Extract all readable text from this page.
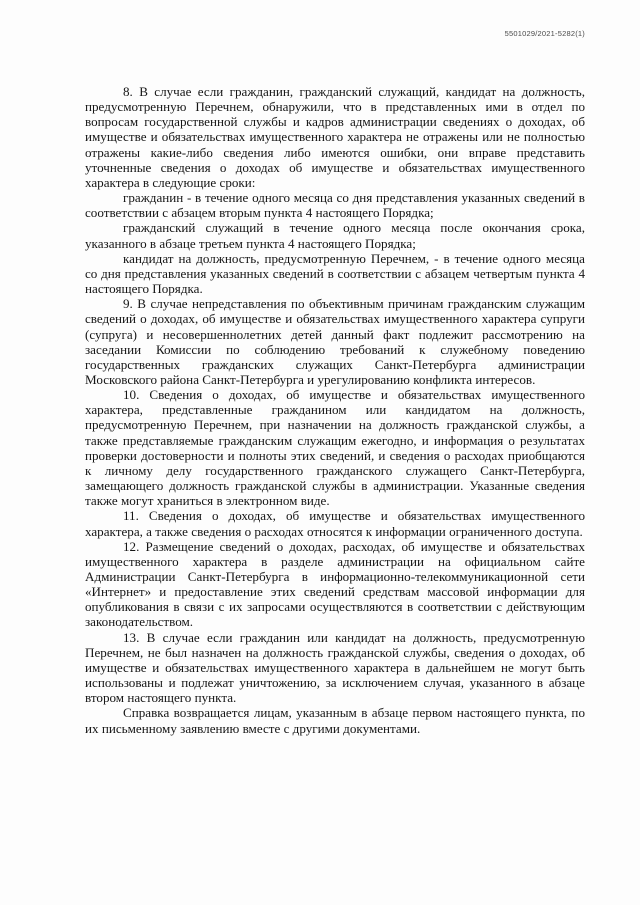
5501029/2021-5282(1)

8. В случае если гражданин, гражданский служащий, кандидат на должность, предусмотренную Перечнем, обнаружили, что в представленных ими в отдел по вопросам государственной службы и кадров администрации сведениях о доходах, об имуществе и обязательствах имущественного характера не отражены или не полностью отражены какие-либо сведения либо имеются ошибки, они вправе представить уточненные сведения о доходах об имуществе и обязательствах имущественного характера в следующие сроки:

гражданин - в течение одного месяца со дня представления указанных сведений в соответствии с абзацем вторым пункта 4 настоящего Порядка;

гражданский служащий в течение одного месяца после окончания срока, указанного в абзаце третьем пункта 4 настоящего Порядка;

кандидат на должность, предусмотренную Перечнем, - в течение одного месяца со дня представления указанных сведений в соответствии с абзацем четвертым пункта 4 настоящего Порядка.

9. В случае непредставления по объективным причинам гражданским служащим сведений о доходах, об имуществе и обязательствах имущественного характера супруги (супруга) и несовершеннолетних детей данный факт подлежит рассмотрению на заседании Комиссии по соблюдению требований к служебному поведению государственных гражданских служащих Санкт-Петербурга администрации Московского района Санкт-Петербурга и урегулированию конфликта интересов.

10. Сведения о доходах, об имуществе и обязательствах имущественного характера, представленные гражданином или кандидатом на должность, предусмотренную Перечнем, при назначении на должность гражданской службы, а также представляемые гражданским служащим ежегодно, и информация о результатах проверки достоверности и полноты этих сведений, и сведения о расходах приобщаются к личному делу государственного гражданского служащего Санкт-Петербурга, замещающего должность гражданской службы в администрации. Указанные сведения также могут храниться в электронном виде.

11. Сведения о доходах, об имуществе и обязательствах имущественного характера, а также сведения о расходах относятся к информации ограниченного доступа.

12. Размещение сведений о доходах, расходах, об имуществе и обязательствах имущественного характера в разделе администрации на официальном сайте Администрации Санкт-Петербурга в информационно-телекоммуникационной сети «Интернет» и предоставление этих сведений средствам массовой информации для опубликования в связи с их запросами осуществляются в соответствии с действующим законодательством.

13. В случае если гражданин или кандидат на должность, предусмотренную Перечнем, не был назначен на должность гражданской службы, сведения о доходах, об имуществе и обязательствах имущественного характера в дальнейшем не могут быть использованы и подлежат уничтожению, за исключением случая, указанного в абзаце втором настоящего пункта.

Справка возвращается лицам, указанным в абзаце первом настоящего пункта, по их письменному заявлению вместе с другими документами.
